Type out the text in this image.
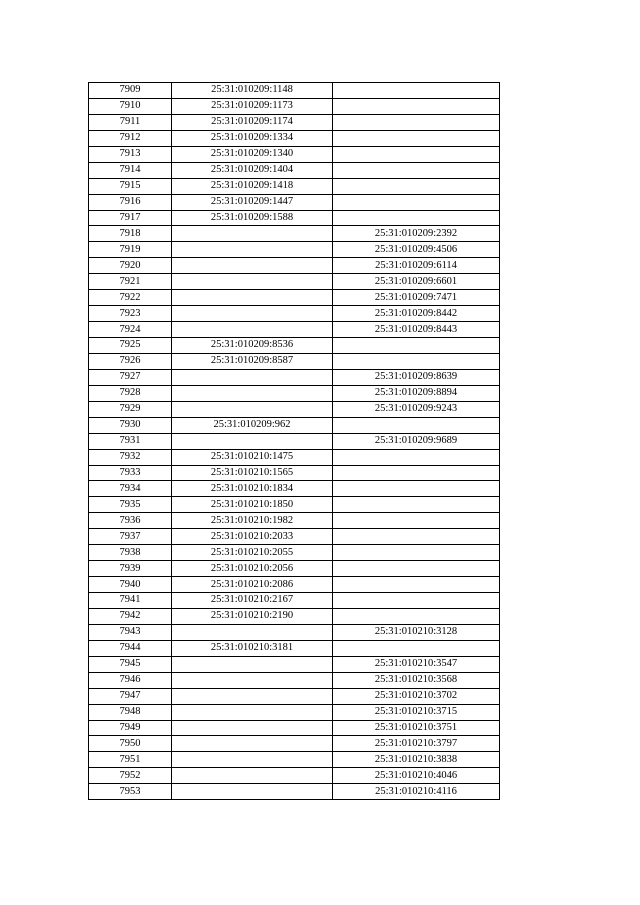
7909	25:31:010209:1148	
7910	25:31:010209:1173	
7911	25:31:010209:1174	
7912	25:31:010209:1334	
7913	25:31:010209:1340	
7914	25:31:010209:1404	
7915	25:31:010209:1418	
7916	25:31:010209:1447	
7917	25:31:010209:1588	
7918		25:31:010209:2392
7919		25:31:010209:4506
7920		25:31:010209:6114
7921		25:31:010209:6601
7922		25:31:010209:7471
7923		25:31:010209:8442
7924		25:31:010209:8443
7925	25:31:010209:8536	
7926	25:31:010209:8587	
7927		25:31:010209:8639
7928		25:31:010209:8894
7929		25:31:010209:9243
7930	25:31:010209:962	
7931		25:31:010209:9689
7932	25:31:010210:1475	
7933	25:31:010210:1565	
7934	25:31:010210:1834	
7935	25:31:010210:1850	
7936	25:31:010210:1982	
7937	25:31:010210:2033	
7938	25:31:010210:2055	
7939	25:31:010210:2056	
7940	25:31:010210:2086	
7941	25:31:010210:2167	
7942	25:31:010210:2190	
7943		25:31:010210:3128
7944	25:31:010210:3181	
7945		25:31:010210:3547
7946		25:31:010210:3568
7947		25:31:010210:3702
7948		25:31:010210:3715
7949		25:31:010210:3751
7950		25:31:010210:3797
7951		25:31:010210:3838
7952		25:31:010210:4046
7953		25:31:010210:4116
